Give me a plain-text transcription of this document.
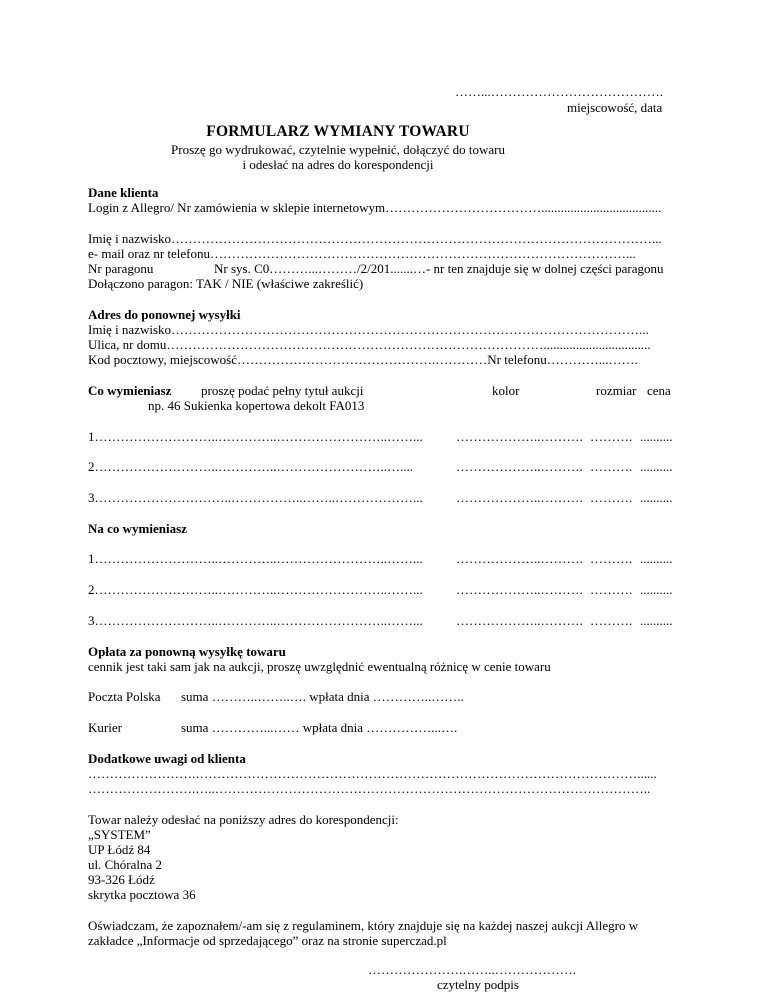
……...………………………………….
miejscowość, data
FORMULARZ WYMIANY TOWARU
Proszę go wydrukować, czytelnie wypełnić, dołączyć do towaru
i odesłać na adres do korespondencji
Dane klienta
Login z Allegro/ Nr zamówienia w sklepie internetowym……………………………….....................................
Imię i nazwisko…………………………………………………………………………………………………...
e- mail oraz nr telefonu……………………………………………………………………………………...
Nr paragonu	Nr sys. C0………...………/2/201.......…- nr ten znajduje się w dolnej części paragonu
Dołączono paragon: TAK / NIE (właściwe zakreślić)
Adres do ponownej wysyłki
Imię i nazwisko………………………………………………………………………………………………...
Ulica, nr domu…………………………………………………………………………….................................
Kod pocztowy, miejscowość……………………………………….…………Nr telefonu…………...…….
Co wymieniasz proszę podać pełny tytuł aukcji
np. 46 Sukienka kopertowa dekolt FA013
kolor	rozmiar cena
1………………………..…………..……………………..……...	………………..………. ………. ..........
2………………………..…………..……………………..…....	………………..………. ………. ..........
3…………………………..……………..……..………………...	………………..………. ………. ..........
Na co wymieniasz
1………………………..…………..……………………..……...	………………..………. ………. ..........
2………………………..…………..……………………..……...	………………..………. ………. ..........
3………………………..…………..……………………..……...	………………..………. ………. ..........
Opłata za ponowną wysyłkę towaru
cennik jest taki sam jak na aukcji, proszę uwzględnić ewentualną różnicę w cenie towaru
Poczta Polska suma ………..……..…. wpłata dnia …………..……..
Kurier	suma …………...…… wpłata dnia ……………...….
Dodatkowe uwagi od klienta
…………………….…………………………………………………………………………………………......
…………………….…..………………………………………………………………………………………..
Towar należy odesłać na poniższy adres do korespondencji:
„SYSTEM”
UP Łódź 84
ul. Chóralna 2
93-326 Łódź
skrytka pocztowa 36
Oświadczam, że zapoznałem/-am się z regulaminem, który znajduje się na każdej naszej aukcji Allegro w
zakładce „Informacje od sprzedającego” oraz na stronie superczad.pl
………………….……..……………….
czytelny podpis
